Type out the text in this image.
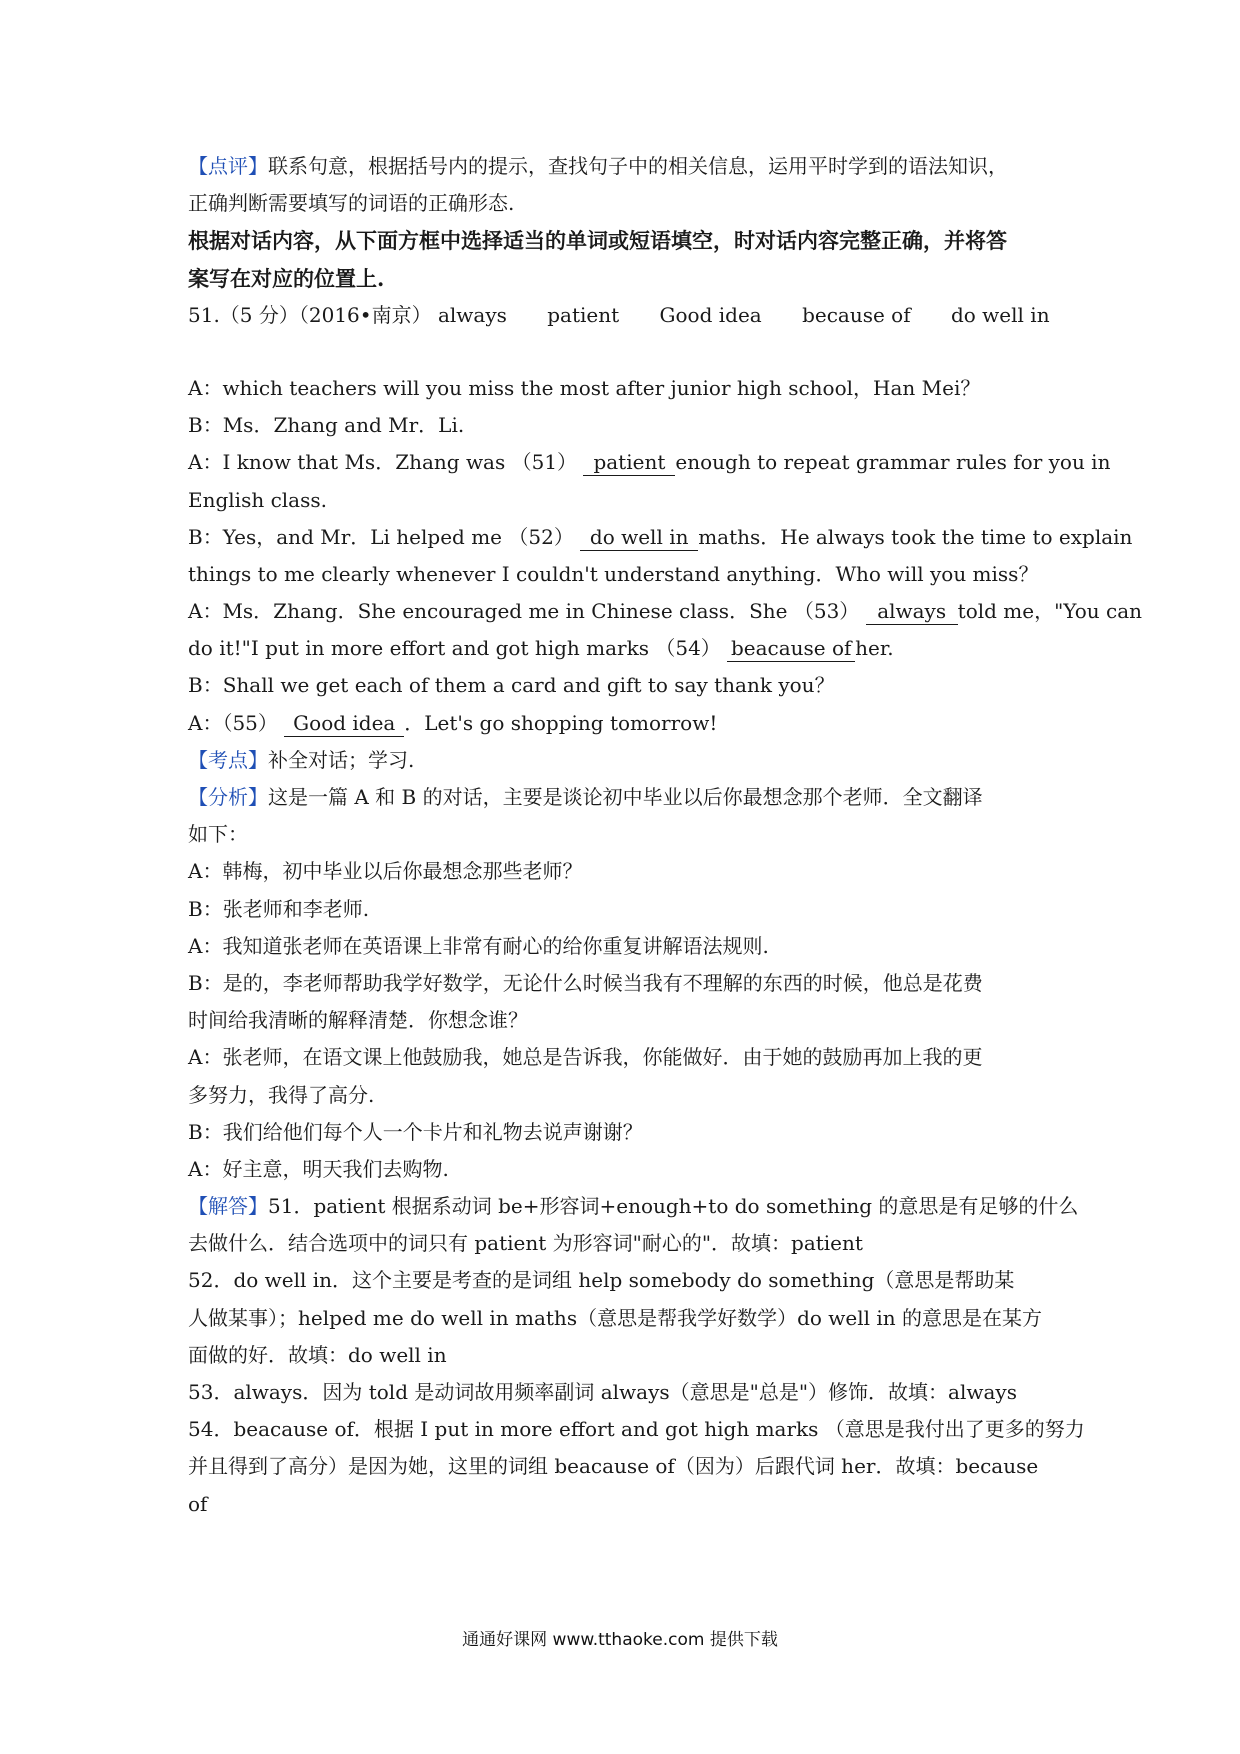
【点评】联系句意，根据括号内的提示，查找句子中的相关信息，运用平时学到的语法知识，
正确判断需要填写的词语的正确形态.
根据对话内容，从下面方框中选择适当的单词或短语填空，时对话内容完整正确，并将答
案写在对应的位置上.
51.（5 分）（2016•南京） always patient Good idea because of do well in
A：which teachers will you miss the most after junior high school，Han Mei？
B：Ms．Zhang and Mr．Li.
A：I know that Ms．Zhang was （51） patient enough to repeat grammar rules for you in
English class.
B：Yes，and Mr．Li helped me （52） do well in maths．He always took the time to explain
things to me clearly whenever I couldn't understand anything．Who will you miss？
A：Ms．Zhang．She encouraged me in Chinese class．She （53） always told me，"You can
do it!"I put in more effort and got high marks （54） beacause of her.
B：Shall we get each of them a card and gift to say thank you？
A：（55） Good idea ．Let's go shopping tomorrow!
【考点】补全对话；学习.
【分析】这是一篇 A 和 B 的对话，主要是谈论初中毕业以后你最想念那个老师．全文翻译
如下：
A：韩梅，初中毕业以后你最想念那些老师？
B：张老师和李老师.
A：我知道张老师在英语课上非常有耐心的给你重复讲解语法规则.
B：是的，李老师帮助我学好数学，无论什么时候当我有不理解的东西的时候，他总是花费
时间给我清晰的解释清楚．你想念谁？
A：张老师，在语文课上他鼓励我，她总是告诉我，你能做好．由于她的鼓励再加上我的更
多努力，我得了高分.
B：我们给他们每个人一个卡片和礼物去说声谢谢？
A：好主意，明天我们去购物.
【解答】51．patient 根据系动词 be+形容词+enough+to do something 的意思是有足够的什么
去做什么．结合选项中的词只有 patient 为形容词"耐心的"．故填：patient
52．do well in．这个主要是考查的是词组 help somebody do something（意思是帮助某
人做某事）；helped me do well in maths（意思是帮我学好数学）do well in 的意思是在某方
面做的好．故填：do well in
53．always．因为 told 是动词故用频率副词 always（意思是"总是"）修饰．故填：always
54．beacause of．根据 I put in more effort and got high marks （意思是我付出了更多的努力
并且得到了高分）是因为她，这里的词组 beacause of（因为）后跟代词 her．故填：because
of
通通好课网 www.tthaoke.com 提供下载
